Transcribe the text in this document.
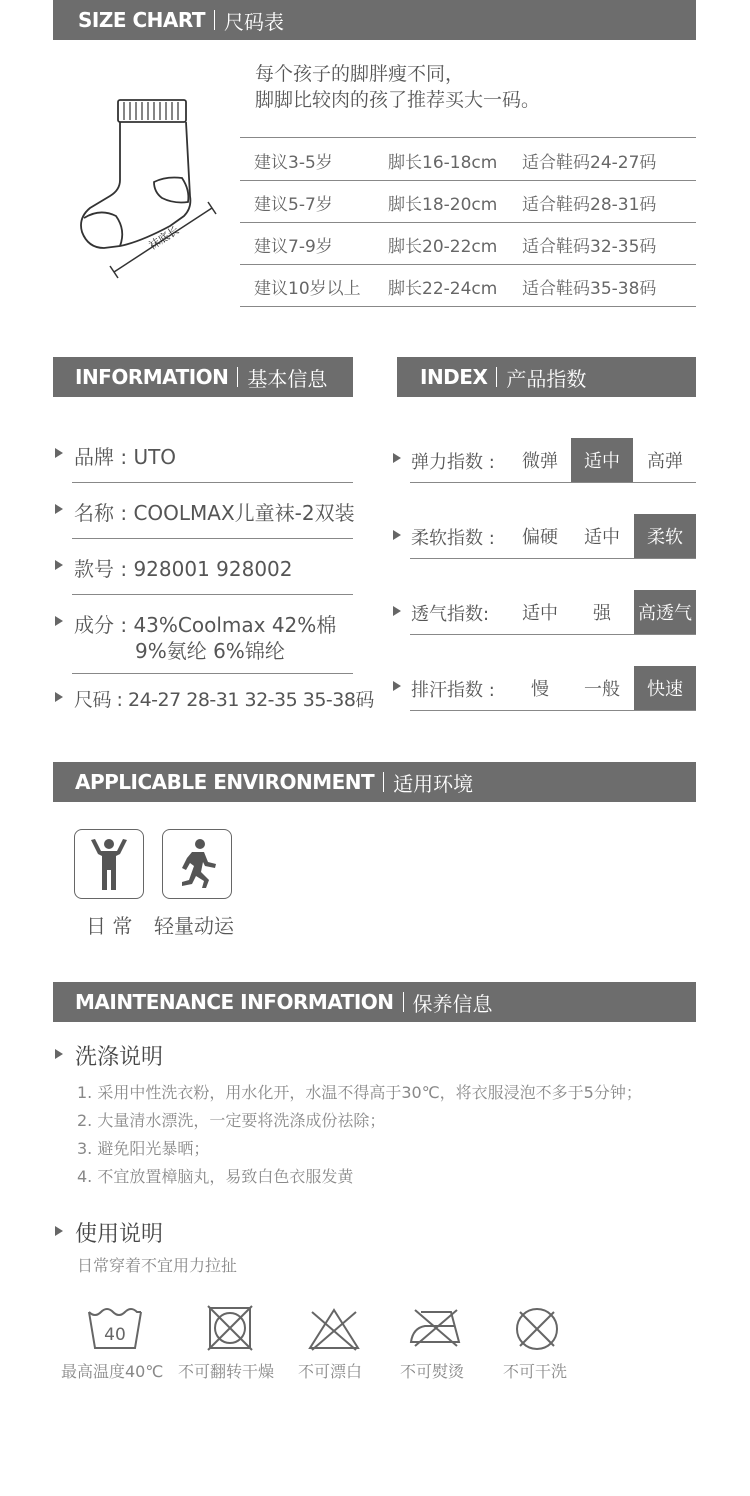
SIZE CHART 尺码表
袜底长
每个孩子的脚胖瘦不同，
脚脚比较肉的孩了推荐买大一码。
建议3-5岁	脚长16-18cm 适合鞋码24-27码
建议5-7岁	脚长18-20cm 适合鞋码28-31码
建议7-9岁	脚长20-22cm 适合鞋码32-35码
建议10岁以上 脚长22-24cm 适合鞋码35-38码
INFORMATION 基本信息
品牌 : UTO
名称 : COOLMAX儿童袜-2双装
款号 : 928001 928002
成分 : 43%Coolmax 42%棉
9%氨纶 6%锦纶
尺码 : 24-27 28-31 32-35 35-38码
INDEX 产品指数
弹力指数 :	微弹	适中	高弹
柔软指数 :	偏硬	适中	柔软
透气指数:	适中	强	高透气
排汗指数 :	慢	一般	快速
APPLICABLE ENVIRONMENT 适用环境
日 常 轻量动运
MAINTENANCE INFORMATION 保养信息
洗涤说明
1. 采用中性洗衣粉，用水化开，水温不得高于30℃，将衣服浸泡不多于5分钟；
2. 大量清水漂洗，一定要将洗涤成份祛除；
3. 避免阳光暴晒；
4. 不宜放置樟脑丸，易致白色衣服发黄
使用说明
日常穿着不宜用力拉扯
40
最高温度40℃ 不可翻转干燥 不可漂白 不可熨烫 不可干洗
